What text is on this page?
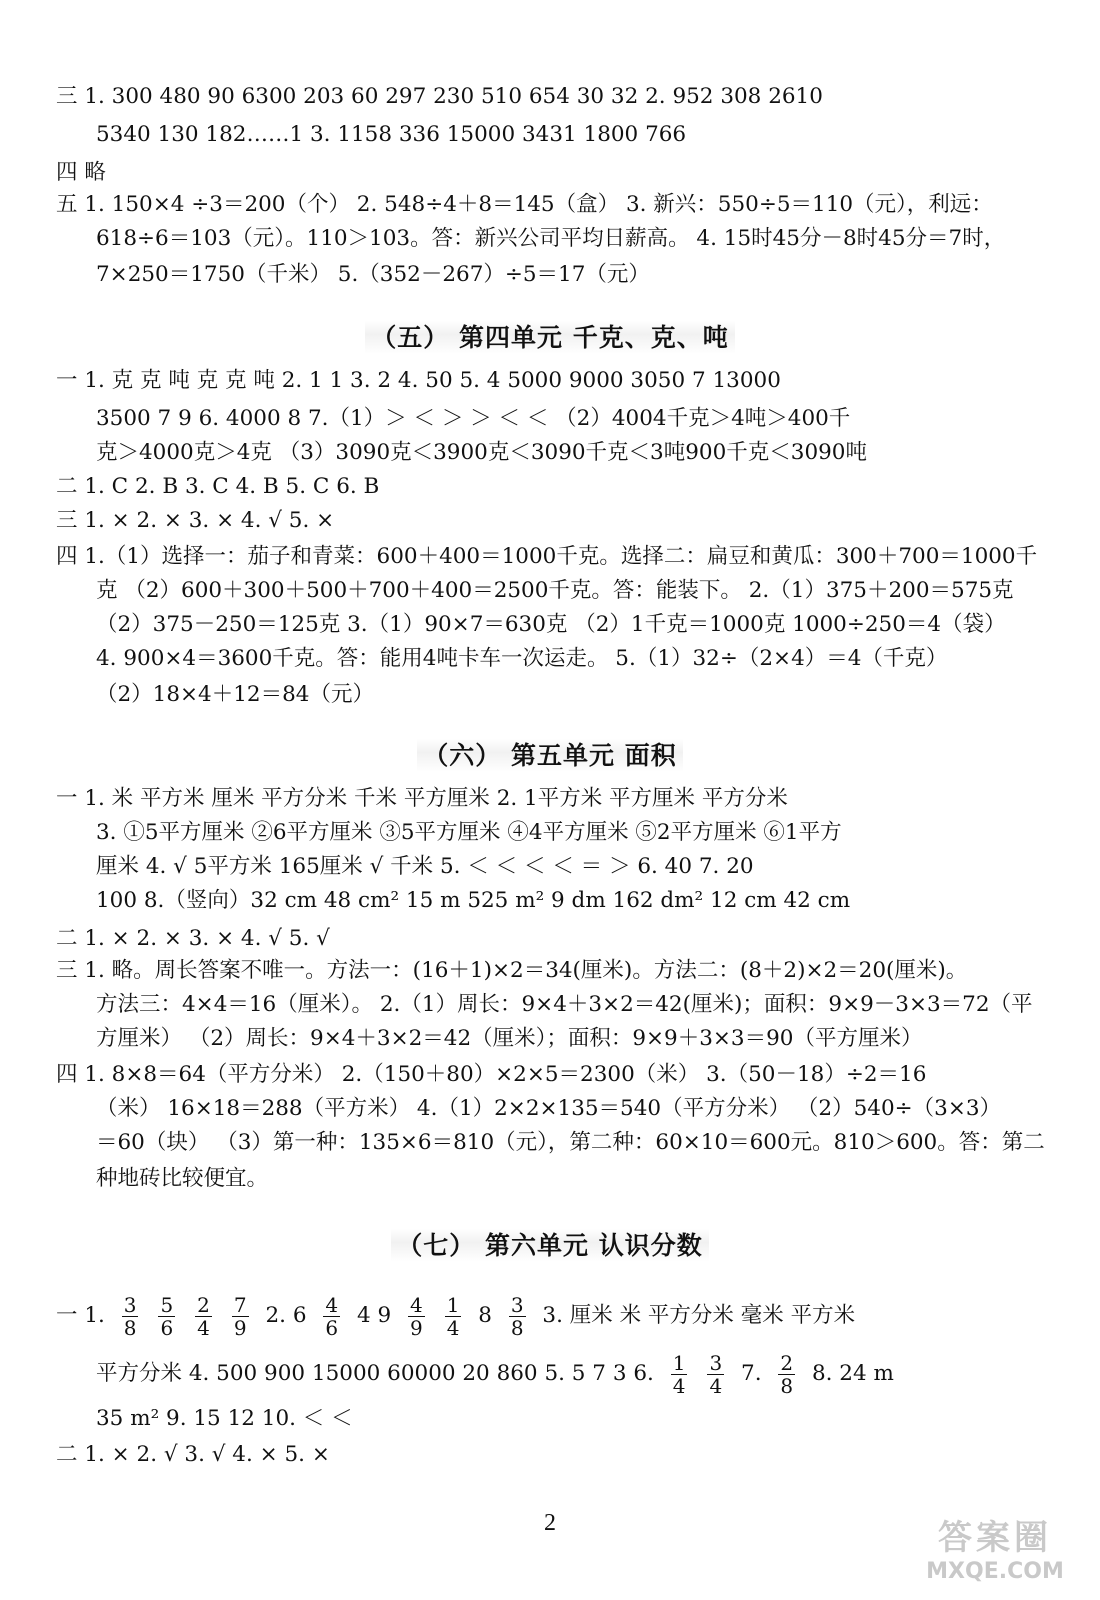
三 1. 300 480 90 6300 203 60 297 230 510 654 30 32 2. 952 308 2610
5340 130 182……1 3. 1158 336 15000 3431 1800 766
四 略
五 1. 150×4 ÷3＝200（个） 2. 548÷4＋8＝145（盒） 3. 新兴：550÷5＝110（元），利远：
618÷6＝103（元）。110＞103。答：新兴公司平均日薪高。 4. 15时45分－8时45分＝7时，
7×250＝1750（千米） 5.（352－267）÷5＝17（元）
（五） 第四单元 千克、克、吨
一 1. 克 克 吨 克 克 吨 2. 1 1 3. 2 4. 50 5. 4 5000 9000 3050 7 13000
3500 7 9 6. 4000 8 7.（1）＞ ＜ ＞ ＞ ＜ ＜ （2）4004千克＞4吨＞400千
克＞4000克＞4克 （3）3090克＜3900克＜3090千克＜3吨900千克＜3090吨
二 1. C 2. B 3. C 4. B 5. C 6. B
三 1. × 2. × 3. × 4. √ 5. ×
四 1.（1）选择一：茄子和青菜：600＋400＝1000千克。选择二：扁豆和黄瓜：300＋700＝1000千
克 （2）600＋300＋500＋700＋400＝2500千克。答：能装下。 2.（1）375＋200＝575克
（2）375－250＝125克 3.（1）90×7＝630克 （2）1千克＝1000克 1000÷250＝4（袋）
4. 900×4＝3600千克。答：能用4吨卡车一次运走。 5.（1）32÷（2×4）＝4（千克）
（2）18×4＋12＝84（元）
（六） 第五单元 面积
一 1. 米 平方米 厘米 平方分米 千米 平方厘米 2. 1平方米 平方厘米 平方分米
3. ①5平方厘米 ②6平方厘米 ③5平方厘米 ④4平方厘米 ⑤2平方厘米 ⑥1平方
厘米 4. √ 5平方米 165厘米 √ 千米 5. ＜ ＜ ＜ ＜ ＝ ＞ 6. 40 7. 20
100 8.（竖向）32 cm 48 cm² 15 m 525 m² 9 dm 162 dm² 12 cm 42 cm
二 1. × 2. × 3. × 4. √ 5. √
三 1. 略。周长答案不唯一。方法一：(16＋1)×2＝34(厘米)。方法二：(8＋2)×2＝20(厘米)。
方法三：4×4＝16（厘米）。 2.（1）周长：9×4＋3×2＝42(厘米)；面积：9×9－3×3＝72（平
方厘米） （2）周长：9×4＋3×2＝42（厘米）；面积：9×9＋3×3＝90（平方厘米）
四 1. 8×8＝64（平方分米） 2.（150＋80）×2×5＝2300（米） 3.（50－18）÷2＝16
（米） 16×18＝288（平方米） 4.（1）2×2×135＝540（平方分米） （2）540÷（3×3）
＝60（块） （3）第一种：135×6＝810（元），第二种：60×10＝600元。810＞600。答：第二
种地砖比较便宜。
（七） 第六单元 认识分数
一 1. $\frac{3}{8} \frac{5}{6} \frac{2}{4} \frac{7}{9} 2$. $6 \frac{4}{6} 4$ $9 \frac{4}{9} \frac{1}{4} 8 \frac{3}{8} 3$. 厘米 米 平方分米 毫米 平方米
平方分米 4. 500 900 15000 60000 20 860 5. 5 7 3 6. $\frac{1}{4} \frac{3}{4} 7$. $\frac{2}{8} 8$. 24 m
35 m² 9. 15 12 10. ＜ ＜
二 1. × 2. √ 3. √ 4. × 5. ×
2	答案圈
MXQE.COM
